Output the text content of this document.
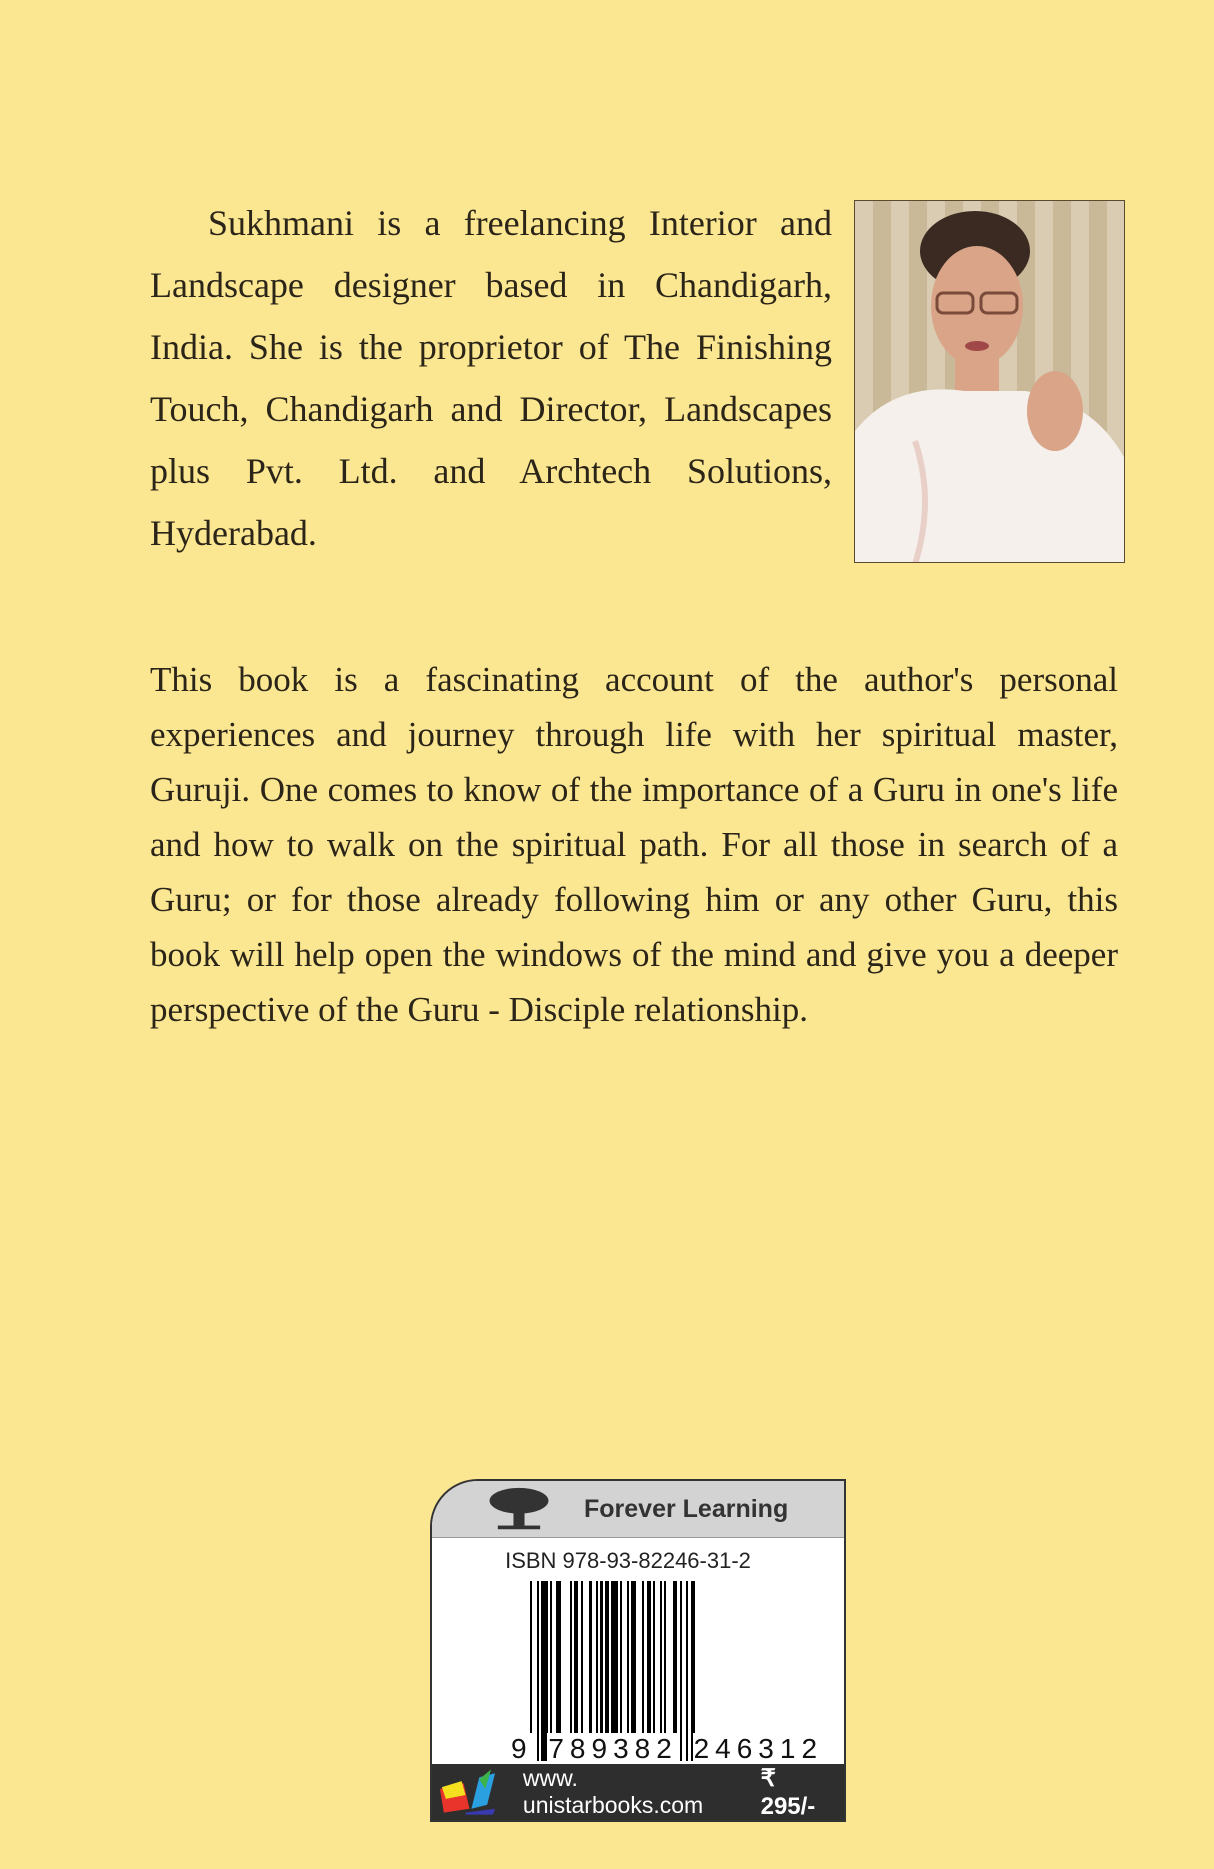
Sukhmani is a freelancing Interior and Landscape designer based in Chandigarh, India. She is the proprietor of The Finishing Touch, Chandigarh and Director, Landscapes plus Pvt. Ltd. and Archtech Solutions, Hyderabad.
This book is a fascinating account of the author's personal experiences and journey through life with her spiritual master, Guruji. One comes to know of the importance of a Guru in one's life and how to walk on the spiritual path. For all those in search of a Guru; or for those already following him or any other Guru, this book will help open the windows of the mind and give you a deeper perspective of the Guru - Disciple relationship.
Forever Learning
ISBN 978-93-82246-31-2
9 789382 246312
www. unistarbooks.com
₹ 295/-
